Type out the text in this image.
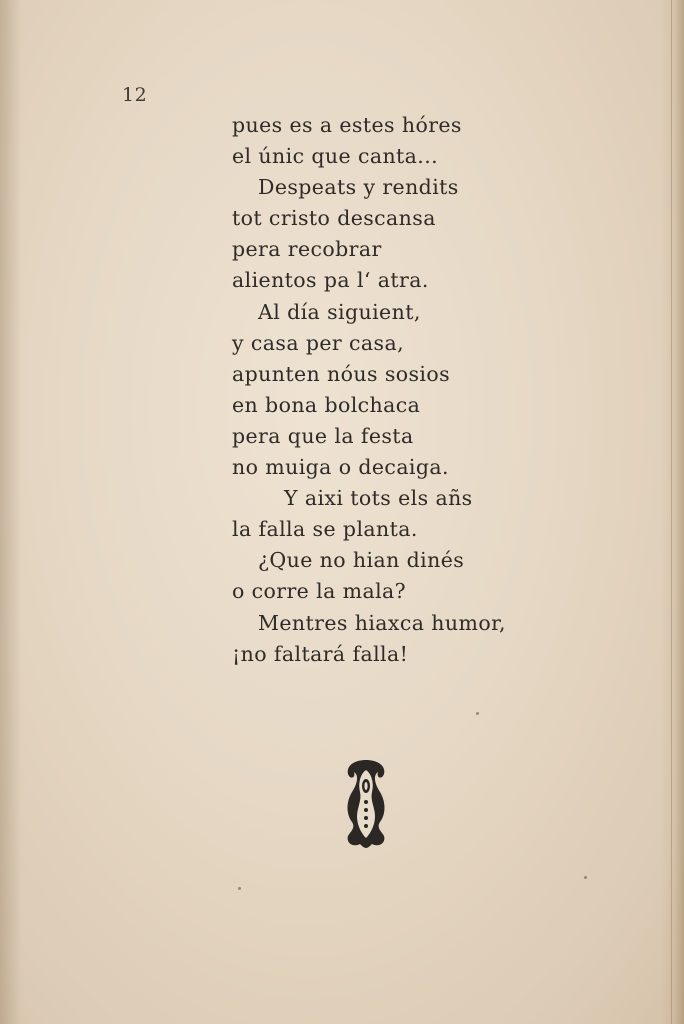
12
pues es a estes hóres
el únic que canta...
Despeats y rendits
tot cristo descansa
pera recobrar
alientos pa l‘ atra.
Al día siguient,
y casa per casa,
apunten nóus sosios
en bona bolchaca
pera que la festa
no muiga o decaiga.
Y aixi tots els añs
la falla se planta.
¿Que no hian dinés
o corre la mala?
Mentres hiaxca humor,
¡no faltará falla!
